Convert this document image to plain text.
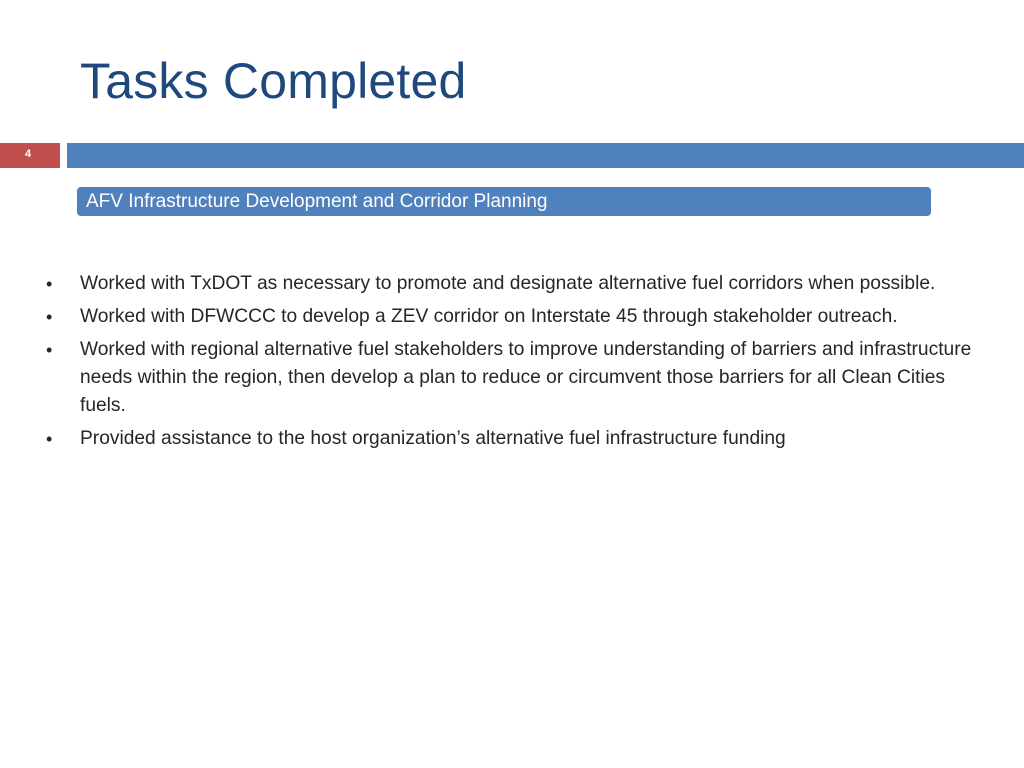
Tasks Completed
4
AFV Infrastructure Development and Corridor Planning
• Worked with TxDOT as necessary to promote and designate alternative fuel corridors when possible.
• Worked with DFWCCC to develop a ZEV corridor on Interstate 45 through stakeholder outreach.
• Worked with regional alternative fuel stakeholders to improve understanding of barriers and infrastructure needs within the region, then develop a plan to reduce or circumvent those barriers for all Clean Cities fuels.
• Provided assistance to the host organization’s alternative fuel infrastructure funding
